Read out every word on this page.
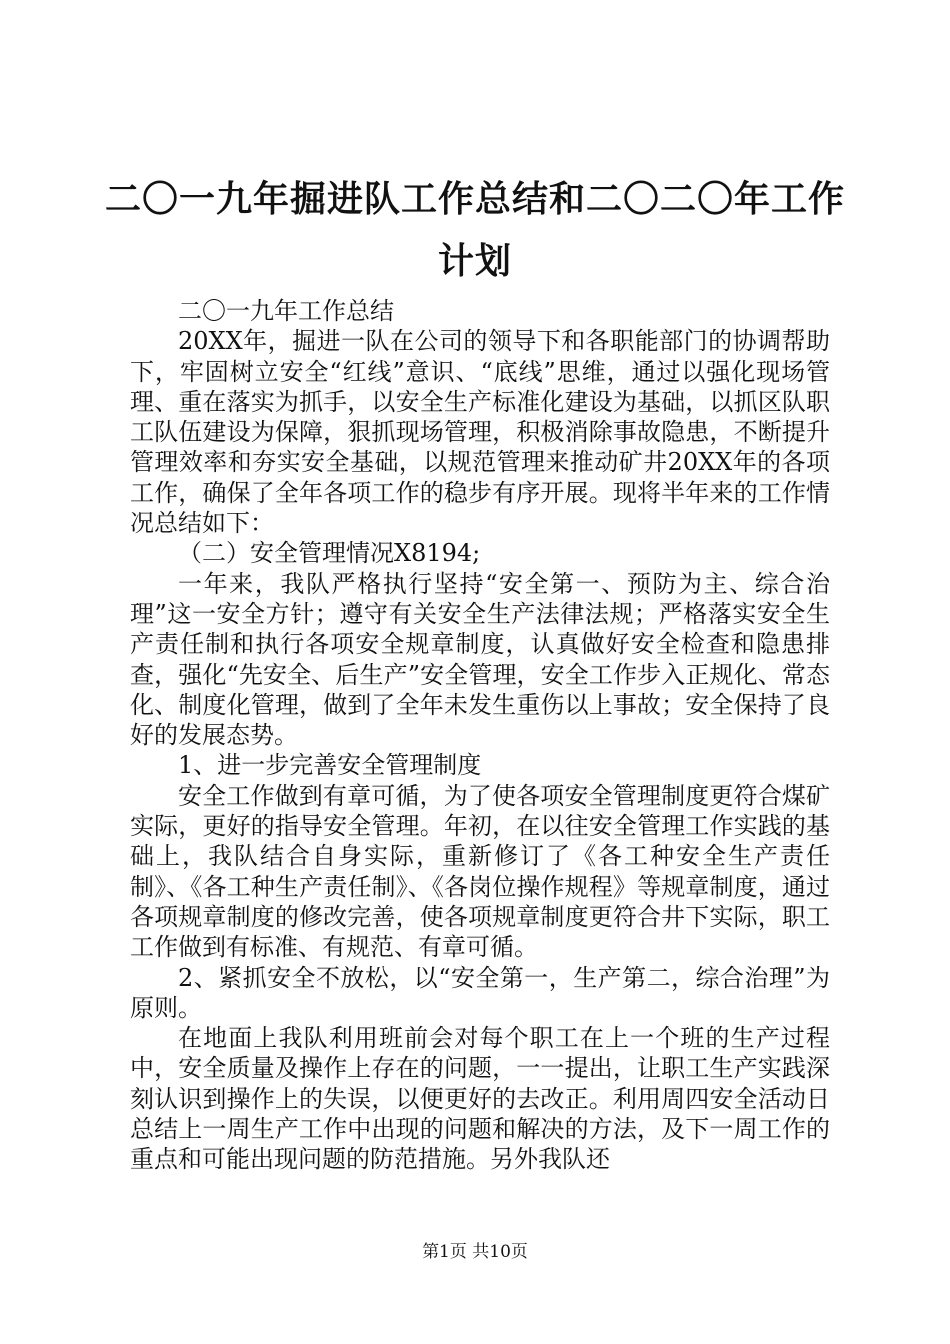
二〇一九年掘进队工作总结和二〇二〇年工作计划

二〇一九年工作总结

20XX年，掘进一队在公司的领导下和各职能部门的协调帮助下，牢固树立安全“红线”意识、“底线”思维，通过以强化现场管理、重在落实为抓手，以安全生产标准化建设为基础，以抓区队职工队伍建设为保障，狠抓现场管理，积极消除事故隐患，不断提升管理效率和夯实安全基础，以规范管理来推动矿井20XX年的各项工作，确保了全年各项工作的稳步有序开展。现将半年来的工作情况总结如下：

（二）安全管理情况X8194;

一年来，我队严格执行坚持“安全第一、预防为主、综合治理”这一安全方针；遵守有关安全生产法律法规；严格落实安全生产责任制和执行各项安全规章制度，认真做好安全检查和隐患排查，强化“先安全、后生产”安全管理，安全工作步入正规化、常态化、制度化管理，做到了全年未发生重伤以上事故；安全保持了良好的发展态势。

1、进一步完善安全管理制度

安全工作做到有章可循，为了使各项安全管理制度更符合煤矿实际，更好的指导安全管理。年初，在以往安全管理工作实践的基础上，我队结合自身实际，重新修订了《各工种安全生产责任制》、《各工种生产责任制》、《各岗位操作规程》等规章制度，通过各项规章制度的修改完善，使各项规章制度更符合井下实际，职工工作做到有标准、有规范、有章可循。

2、紧抓安全不放松，以“安全第一，生产第二，综合治理”为原则。

在地面上我队利用班前会对每个职工在上一个班的生产过程中，安全质量及操作上存在的问题，一一提出，让职工生产实践深刻认识到操作上的失误，以便更好的去改正。利用周四安全活动日总结上一周生产工作中出现的问题和解决的方法，及下一周工作的重点和可能出现问题的防范措施。另外我队还

第1页 共10页
